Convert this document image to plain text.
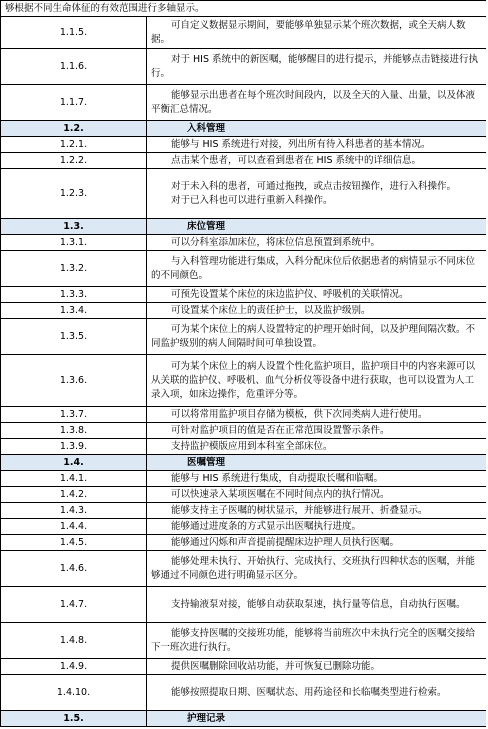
够根据不同生命体征的有效范围进行多轴显示。	
1.1.5.	可自定义数据显示期间，要能够单独显示某个班次数据，或全天病人数据。
1.1.6.	对于 HIS 系统中的新医嘱，能够醒目的进行提示，并能够点击链接进行执行。
1.1.7.	能够显示出患者在每个班次时间段内，以及全天的入量、出量，以及体液平衡汇总情况。
1.2.	入科管理
1.2.1.	能够与 HIS 系统进行对接，列出所有待入科患者的基本情况。
1.2.2.	点击某个患者，可以查看到患者在 HIS 系统中的详细信息。
1.2.3.	对于未入科的患者，可通过拖拽，或点击按钮操作，进行入科操作。

对于已入科也可以进行重新入科操作。

1.3.	床位管理
1.3.1.	可以分科室添加床位，将床位信息预置到系统中。
1.3.2.	与入科管理功能进行集成，入科分配床位后依据患者的病情显示不同床位的不同颜色。
1.3.3.	可预先设置某个床位的床边监护仪、呼吸机的关联情况。
1.3.4.	可设置某个床位上的责任护士，以及监护级别。
1.3.5.	可为某个床位上的病人设置特定的护理开始时间，以及护理间隔次数。不同监护级别的病人间隔时间可单独设置。
1.3.6.	可为某个床位上的病人设置个性化监护项目，监护项目中的内容来源可以从关联的监护仪、呼吸机、血气分析仪等设备中进行获取，也可以设置为人工录入项，如床边操作，危重评分等。
1.3.7.	可以将常用监护项目存储为模板，供下次同类病人进行使用。
1.3.8.	可针对监护项目的值是否在正常范围设置警示条件。
1.3.9.	支持监护模版应用到本科室全部床位。
1.4.	医嘱管理
1.4.1.	能够与 HIS 系统进行集成，自动提取长嘱和临嘱。
1.4.2.	可以快速录入某项医嘱在不同时间点内的执行情况。
1.4.3.	能够支持主子医嘱的树状显示，并能够进行展开、折叠显示。
1.4.4.	能够通过进度条的方式显示出医嘱执行进度。
1.4.5.	能够通过闪烁和声音提前提醒床边护理人员执行医嘱。
1.4.6.	能够处理未执行、开始执行、完成执行、交班执行四种状态的医嘱，并能够通过不同颜色进行明确显示区分。
1.4.7.	支持输液泵对接，能够自动获取泵速，执行量等信息，自动执行医嘱。
1.4.8.	能够支持医嘱的交接班功能，能够将当前班次中未执行完全的医嘱交接给下一班次进行执行。
1.4.9.	提供医嘱删除回收站功能，并可恢复已删除功能。
1.4.10.	能够按照提取日期、医嘱状态、用药途径和长临嘱类型进行检索。
1.5.	护理记录
